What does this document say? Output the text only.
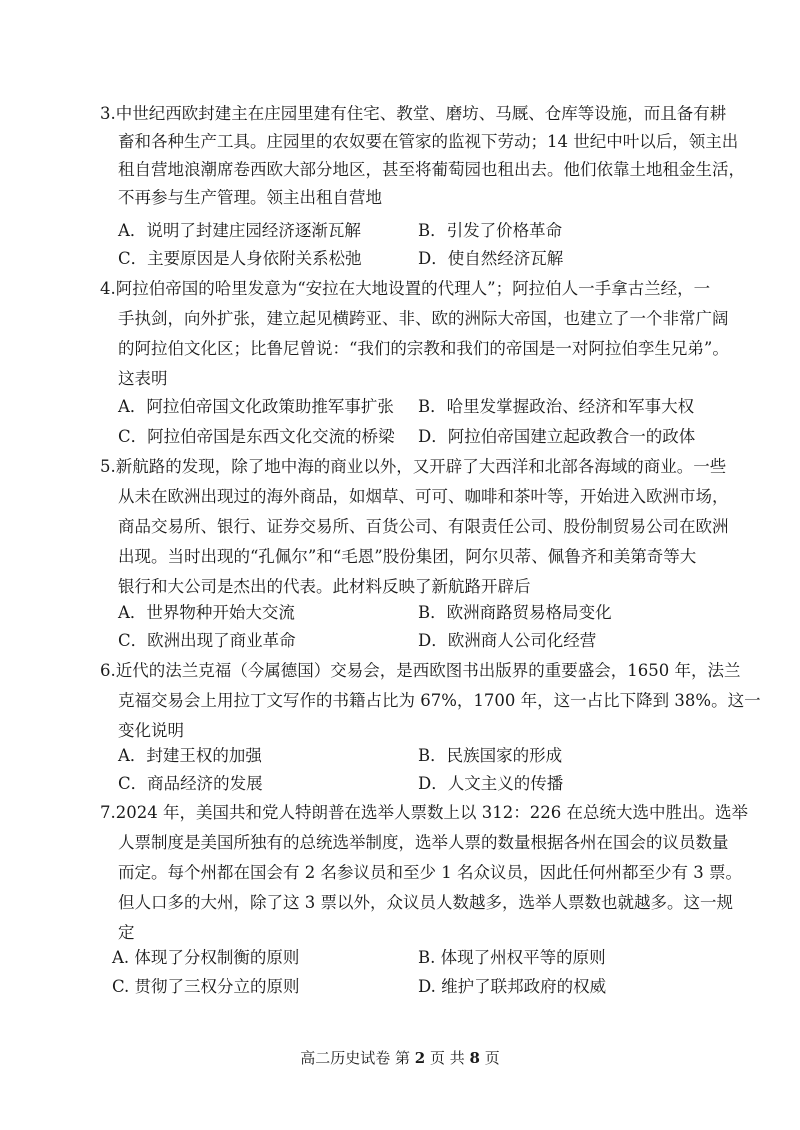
3.中世纪西欧封建主在庄园里建有住宅、教堂、磨坊、马厩、仓库等设施，而且备有耕
畜和各种生产工具。庄园里的农奴要在管家的监视下劳动；14 世纪中叶以后，领主出
租自营地浪潮席卷西欧大部分地区，甚至将葡萄园也租出去。他们依靠土地租金生活，
不再参与生产管理。领主出租自营地
A．说明了封建庄园经济逐渐瓦解	B．引发了价格革命
C．主要原因是人身依附关系松弛	D．使自然经济瓦解
4.阿拉伯帝国的哈里发意为“安拉在大地设置的代理人”；阿拉伯人一手拿古兰经，一
手执剑，向外扩张，建立起见横跨亚、非、欧的洲际大帝国，也建立了一个非常广阔
的阿拉伯文化区；比鲁尼曾说：“我们的宗教和我们的帝国是一对阿拉伯孪生兄弟”。
这表明
A．阿拉伯帝国文化政策助推军事扩张 B．哈里发掌握政治、经济和军事大权
C．阿拉伯帝国是东西文化交流的桥梁 D．阿拉伯帝国建立起政教合一的政体
5.新航路的发现，除了地中海的商业以外，又开辟了大西洋和北部各海域的商业。一些
从未在欧洲出现过的海外商品，如烟草、可可、咖啡和茶叶等，开始进入欧洲市场，
商品交易所、银行、证券交易所、百货公司、有限责任公司、股份制贸易公司在欧洲
出现。当时出现的“孔佩尔”和“毛恩”股份集团，阿尔贝蒂、佩鲁齐和美第奇等大
银行和大公司是杰出的代表。此材料反映了新航路开辟后
A．世界物种开始大交流	B．欧洲商路贸易格局变化
C．欧洲出现了商业革命	D．欧洲商人公司化经营
6.近代的法兰克福（今属德国）交易会，是西欧图书出版界的重要盛会，1650 年，法兰
克福交易会上用拉丁文写作的书籍占比为 67%，1700 年，这一占比下降到 38%。这一
变化说明
A．封建王权的加强	B．民族国家的形成
C．商品经济的发展	D．人文主义的传播
7.2024 年，美国共和党人特朗普在选举人票数上以 312：226 在总统大选中胜出。选举
人票制度是美国所独有的总统选举制度，选举人票的数量根据各州在国会的议员数量
而定。每个州都在国会有 2 名参议员和至少 1 名众议员，因此任何州都至少有 3 票。
但人口多的大州，除了这 3 票以外，众议员人数越多，选举人票数也就越多。这一规
定
A. 体现了分权制衡的原则	B. 体现了州权平等的原则
C. 贯彻了三权分立的原则	D. 维护了联邦政府的权威
高二历史试卷 第 2 页 共 8 页
